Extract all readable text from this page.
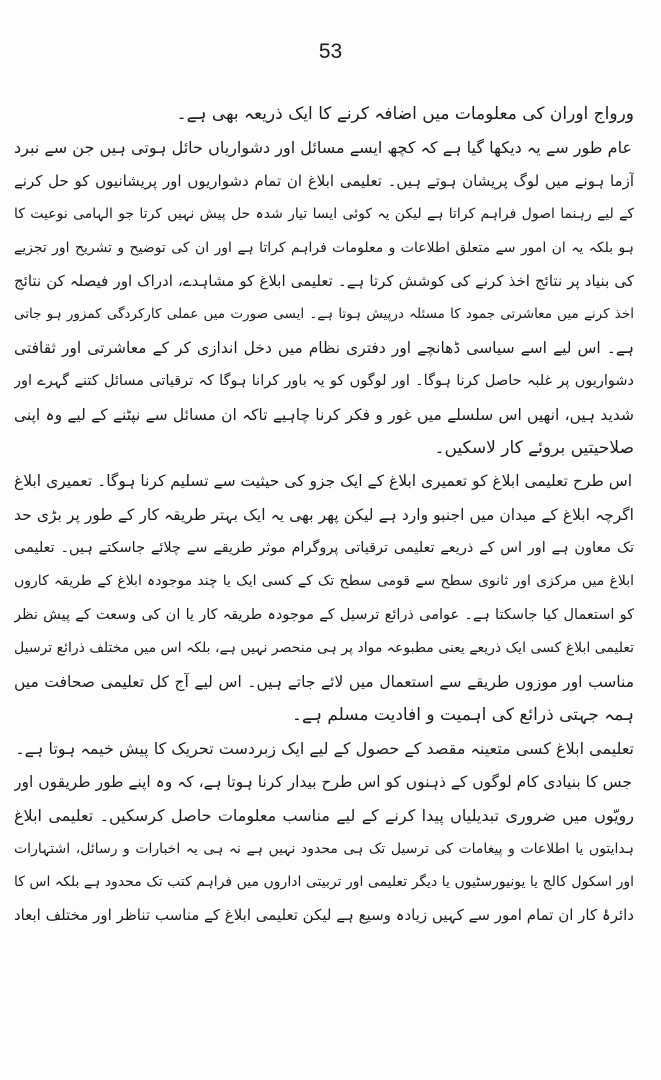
53
ورواج اوران کی معلومات میں اضافہ کرنے کا ایک ذریعہ بھی ہے۔
عام طور سے یہ دیکھا گیا ہے کہ کچھ ایسے مسائل اور دشواریاں حائل ہوتی ہیں جن سے نبرد
آزما ہونے میں لوگ پریشان ہوتے ہیں۔ تعلیمی ابلاغ ان تمام دشواریوں اور پریشانیوں کو حل کرنے
کے لیے رہنما اصول فراہم کراتا ہے لیکن یہ کوئی ایسا تیار شدہ حل پیش نہیں کرتا جو الہامی نوعیت کا
ہو بلکہ یہ ان امور سے متعلق اطلاعات و معلومات فراہم کراتا ہے اور ان کی توضیح و تشریح اور تجزیے
کی بنیاد پر نتائج اخذ کرنے کی کوشش کرتا ہے۔ تعلیمی ابلاغ کو مشاہدے، ادراک اور فیصلہ کن نتائج
اخذ کرنے میں معاشرتی جمود کا مسئلہ درپیش ہوتا ہے۔ ایسی صورت میں عملی کارکردگی کمزور ہو جاتی
ہے۔ اس لیے اسے سیاسی ڈھانچے اور دفتری نظام میں دخل اندازی کر کے معاشرتی اور ثقافتی
دشواریوں پر غلبہ حاصل کرنا ہوگا۔ اور لوگوں کو یہ باور کرانا ہوگا کہ ترقیاتی مسائل کتنے گہرے اور
شدید ہیں، انھیں اس سلسلے میں غور و فکر کرنا چاہیے تاکہ ان مسائل سے نپٹنے کے لیے وہ اپنی
صلاحیتیں بروئے کار لاسکیں۔
اس طرح تعلیمی ابلاغ کو تعمیری ابلاغ کے ایک جزو کی حیثیت سے تسلیم کرنا ہوگا۔ تعمیری ابلاغ
اگرچہ ابلاغ کے میدان میں اجنبو وارد ہے لیکن پھر بھی یہ ایک بہتر طریقہ کار کے طور پر بڑی حد
تک معاون ہے اور اس کے ذریعے تعلیمی ترقیاتی پروگرام موثر طریقے سے چلائے جاسکتے ہیں۔ تعلیمی
ابلاغ میں مرکزی اور ثانوی سطح سے قومی سطح تک کے کسی ایک یا چند موجودہ ابلاغ کے طریقہ کاروں
کو استعمال کیا جاسکتا ہے۔ عوامی ذرائع ترسیل کے موجودہ طریقہ کار یا ان کی وسعت کے پیش نظر
تعلیمی ابلاغ کسی ایک ذریعے یعنی مطبوعہ مواد پر ہی منحصر نہیں ہے، بلکہ اس میں مختلف ذرائع ترسیل
مناسب اور موزوں طریقے سے استعمال میں لائے جاتے ہیں۔ اس لیے آج کل تعلیمی صحافت میں
ہمہ جہتی ذرائع کی اہمیت و افادیت مسلم ہے۔
تعلیمی ابلاغ کسی متعینہ مقصد کے حصول کے لیے ایک زبردست تحریک کا پیش خیمہ ہوتا ہے۔
جس کا بنیادی کام لوگوں کے ذہنوں کو اس طرح بیدار کرنا ہوتا ہے، کہ وہ اپنے طور طریقوں اور
رویّوں میں ضروری تبدیلیاں پیدا کرنے کے لیے مناسب معلومات حاصل کرسکیں۔ تعلیمی ابلاغ
ہدایتوں یا اطلاعات و پیغامات کی ترسیل تک ہی محدود نہیں ہے نہ ہی یہ اخبارات و رسائل، اشتہارات
اور اسکول کالج یا یونیورسٹیوں یا دیگر تعلیمی اور تربیتی اداروں میں فراہم کتب تک محدود ہے بلکہ اس کا
دائرۂ کار ان تمام امور سے کہیں زیادہ وسیع ہے لیکن تعلیمی ابلاغ کے مناسب تناظر اور مختلف ابعاد
